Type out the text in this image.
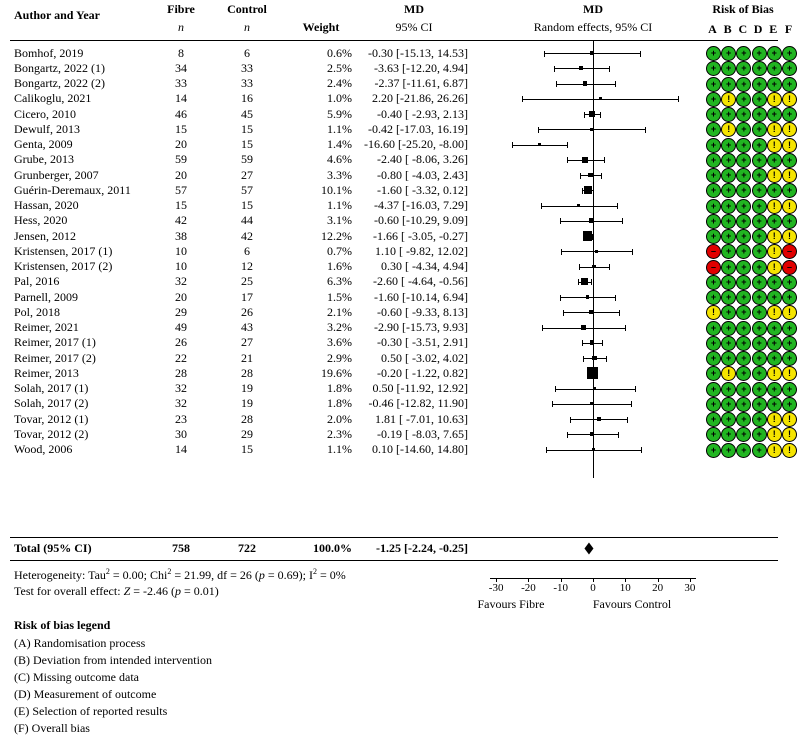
Author and Year	Fibre	Control
n	n	Weight
MD
95% CI
MD
Random effects, 95% CI
Risk of Bias
A B C D E F
Bomhof, 2019	8	6	0.6%	-0.30 [-15.13, 14.53]	+	+	+	+	+	+
Bongartz, 2022 (1)	34	33	2.5%	-3.63 [-12.20, 4.94]	+	+	+	+	+	+
Bongartz, 2022 (2)	33	33	2.4%	-2.37 [-11.61, 6.87]	+	+	+	+	+	+
Calikoglu, 2021	14	16	1.0%	2.20 [-21.86, 26.26]	+	!	+	+	!	!
Cicero, 2010	46	45	5.9%	-0.40 [ -2.93, 2.13]	+	+	+	+	+	+
Dewulf, 2013	15	15	1.1%	-0.42 [-17.03, 16.19]	+	!	+	+	!	!
Genta, 2009	20	15	1.4%	-16.60 [-25.20, -8.00]	+	+	+	+	!	!
Grube, 2013	59	59	4.6%	-2.40 [ -8.06, 3.26]	+	+	+	+	+	+
Grunberger, 2007	20	27	3.3%	-0.80 [ -4.03, 2.43]	+	+	+	+	!	!
Guérin-Deremaux, 2011	57	57	10.1%	-1.60 [ -3.32, 0.12]	+	+	+	+	+	+
Hassan, 2020	15	15	1.1%	-4.37 [-16.03, 7.29]	+	+	+	+	!	!
Hess, 2020	42	44	3.1%	-0.60 [-10.29, 9.09]	+	+	+	+	+	+
Jensen, 2012	38	42	12.2%	-1.66 [ -3.05, -0.27]	+	+	+	+	!	!
Kristensen, 2017 (1)	10	6	0.7%	1.10 [ -9.82, 12.02]	–	+	+	+	!	–
Kristensen, 2017 (2)	10	12	1.6%	0.30 [ -4.34, 4.94]	–	+	+	+	!	–
Pal, 2016	32	25	6.3%	-2.60 [ -4.64, -0.56]	+	+	+	+	+	+
Parnell, 2009	20	17	1.5%	-1.60 [-10.14, 6.94]	+	+	+	+	+	+
Pol, 2018	29	26	2.1%	-0.60 [ -9.33, 8.13]	!	+	+	+	!	!
Reimer, 2021	49	43	3.2%	-2.90 [-15.73, 9.93]	+	+	+	+	+	+
Reimer, 2017 (1)	26	27	3.6%	-0.30 [ -3.51, 2.91]	+	+	+	+	+	+
Reimer, 2017 (2)	22	21	2.9%	0.50 [ -3.02, 4.02]	+	+	+	+	+	+
Reimer, 2013	28	28	19.6%	-0.20 [ -1.22, 0.82]	+	!	+	+	!	!
Solah, 2017 (1)	32	19	1.8%	0.50 [-11.92, 12.92]	+	+	+	+	+	+
Solah, 2017 (2)	32	19	1.8%	-0.46 [-12.82, 11.90]	+	+	+	+	+	+
Tovar, 2012 (1)	23	28	2.0%	1.81 [ -7.01, 10.63]	+	+	+	+	!	!
Tovar, 2012 (2)	30	29	2.3%	-0.19 [ -8.03, 7.65]	+	+	+	+	!	!
Wood, 2006	14	15	1.1%	0.10 [-14.60, 14.80]	+	+	+	+	!	!
Total (95% CI)	758	722	100.0%	-1.25 [-2.24, -0.25]
Heterogeneity: Tau$^2$ = 0.00; Chi$^2$ = 21.99, df = 26 (p = 0.69); $I^2 = 0\%$
Test for overall effect: Z = -2.46 (p = 0.01)	-30	-20	-10	0	10	20	30
Favours Fibre	Favours Control
Risk of bias legend
(A) Randomisation process
(B) Deviation from intended intervention
(C) Missing outcome data
(D) Measurement of outcome
(E) Selection of reported results
(F) Overall bias
